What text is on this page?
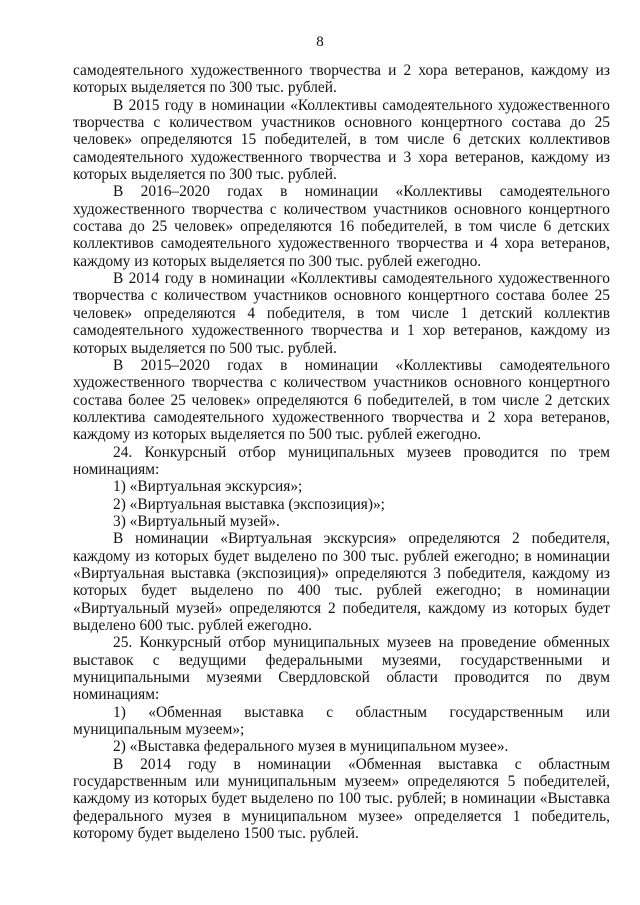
8

самодеятельного художественного творчества и 2 хора ветеранов, каждому из которых выделяется по 300 тыс. рублей.

В 2015 году в номинации «Коллективы самодеятельного художественного творчества с количеством участников основного концертного состава до 25 человек» определяются 15 победителей, в том числе 6 детских коллективов самодеятельного художественного творчества и 3 хора ветеранов, каждому из которых выделяется по 300 тыс. рублей.

В 2016–2020 годах в номинации «Коллективы самодеятельного художественного творчества с количеством участников основного концертного состава до 25 человек» определяются 16 победителей, в том числе 6 детских коллективов самодеятельного художественного творчества и 4 хора ветеранов, каждому из которых выделяется по 300 тыс. рублей ежегодно.

В 2014 году в номинации «Коллективы самодеятельного художественного творчества с количеством участников основного концертного состава более 25 человек» определяются 4 победителя, в том числе 1 детский коллектив самодеятельного художественного творчества и 1 хор ветеранов, каждому из которых выделяется по 500 тыс. рублей.

В 2015–2020 годах в номинации «Коллективы самодеятельного художественного творчества с количеством участников основного концертного состава более 25 человек» определяются 6 победителей, в том числе 2 детских коллектива самодеятельного художественного творчества и 2 хора ветеранов, каждому из которых выделяется по 500 тыс. рублей ежегодно.

24. Конкурсный отбор муниципальных музеев проводится по трем номинациям:

1) «Виртуальная экскурсия»;

2) «Виртуальная выставка (экспозиция)»;

3) «Виртуальный музей».

В номинации «Виртуальная экскурсия» определяются 2 победителя, каждому из которых будет выделено по 300 тыс. рублей ежегодно; в номинации «Виртуальная выставка (экспозиция)» определяются 3 победителя, каждому из которых будет выделено по 400 тыс. рублей ежегодно; в номинации «Виртуальный музей» определяются 2 победителя, каждому из которых будет выделено 600 тыс. рублей ежегодно.

25. Конкурсный отбор муниципальных музеев на проведение обменных выставок с ведущими федеральными музеями, государственными и муниципальными музеями Свердловской области проводится по двум номинациям:

1) «Обменная выставка с областным государственным или муниципальным музеем»;

2) «Выставка федерального музея в муниципальном музее».

В 2014 году в номинации «Обменная выставка с областным государственным или муниципальным музеем» определяются 5 победителей, каждому из которых будет выделено по 100 тыс. рублей; в номинации «Выставка федерального музея в муниципальном музее» определяется 1 победитель, которому будет выделено 1500 тыс. рублей.
